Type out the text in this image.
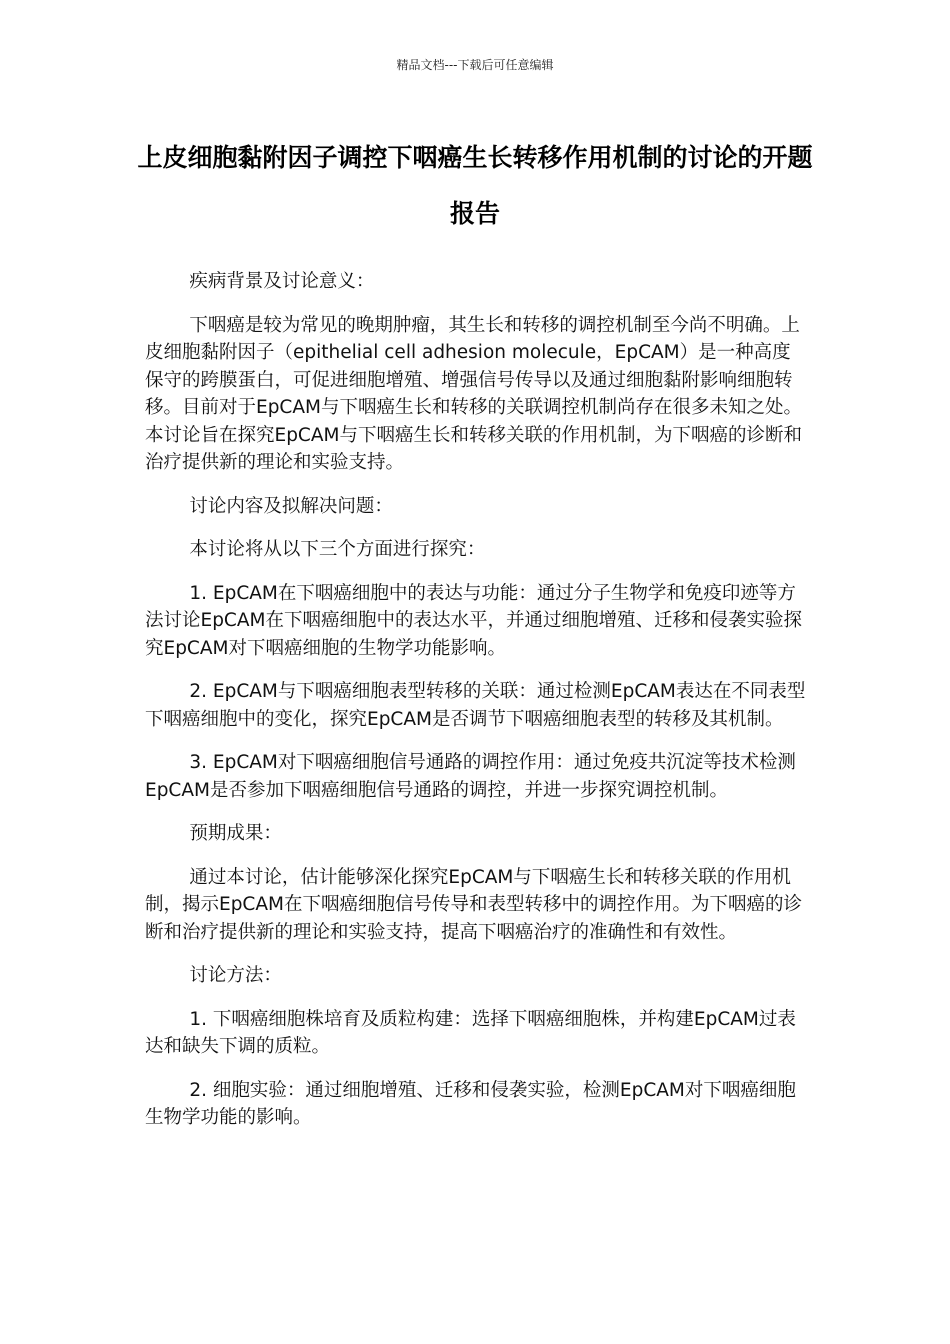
精品文档---下载后可任意编辑
上皮细胞黏附因子调控下咽癌生长转移作用机制的讨论的开题报告

疾病背景及讨论意义：

下咽癌是较为常见的晚期肿瘤，其生长和转移的调控机制至今尚不明确。上皮细胞黏附因子（epithelial cell adhesion molecule，EpCAM）是一种高度保守的跨膜蛋白，可促进细胞增殖、增强信号传导以及通过细胞黏附影响细胞转移。目前对于EpCAM与下咽癌生长和转移的关联调控机制尚存在很多未知之处。本讨论旨在探究EpCAM与下咽癌生长和转移关联的作用机制，为下咽癌的诊断和治疗提供新的理论和实验支持。

讨论内容及拟解决问题：

本讨论将从以下三个方面进行探究：

1. EpCAM在下咽癌细胞中的表达与功能：通过分子生物学和免疫印迹等方法讨论EpCAM在下咽癌细胞中的表达水平，并通过细胞增殖、迁移和侵袭实验探究EpCAM对下咽癌细胞的生物学功能影响。

2. EpCAM与下咽癌细胞表型转移的关联：通过检测EpCAM表达在不同表型下咽癌细胞中的变化，探究EpCAM是否调节下咽癌细胞表型的转移及其机制。

3. EpCAM对下咽癌细胞信号通路的调控作用：通过免疫共沉淀等技术检测EpCAM是否参加下咽癌细胞信号通路的调控，并进一步探究调控机制。

预期成果：

通过本讨论，估计能够深化探究EpCAM与下咽癌生长和转移关联的作用机制，揭示EpCAM在下咽癌细胞信号传导和表型转移中的调控作用。为下咽癌的诊断和治疗提供新的理论和实验支持，提高下咽癌治疗的准确性和有效性。

讨论方法：

1. 下咽癌细胞株培育及质粒构建：选择下咽癌细胞株，并构建EpCAM过表达和缺失下调的质粒。

2. 细胞实验：通过细胞增殖、迁移和侵袭实验，检测EpCAM对下咽癌细胞生物学功能的影响。
